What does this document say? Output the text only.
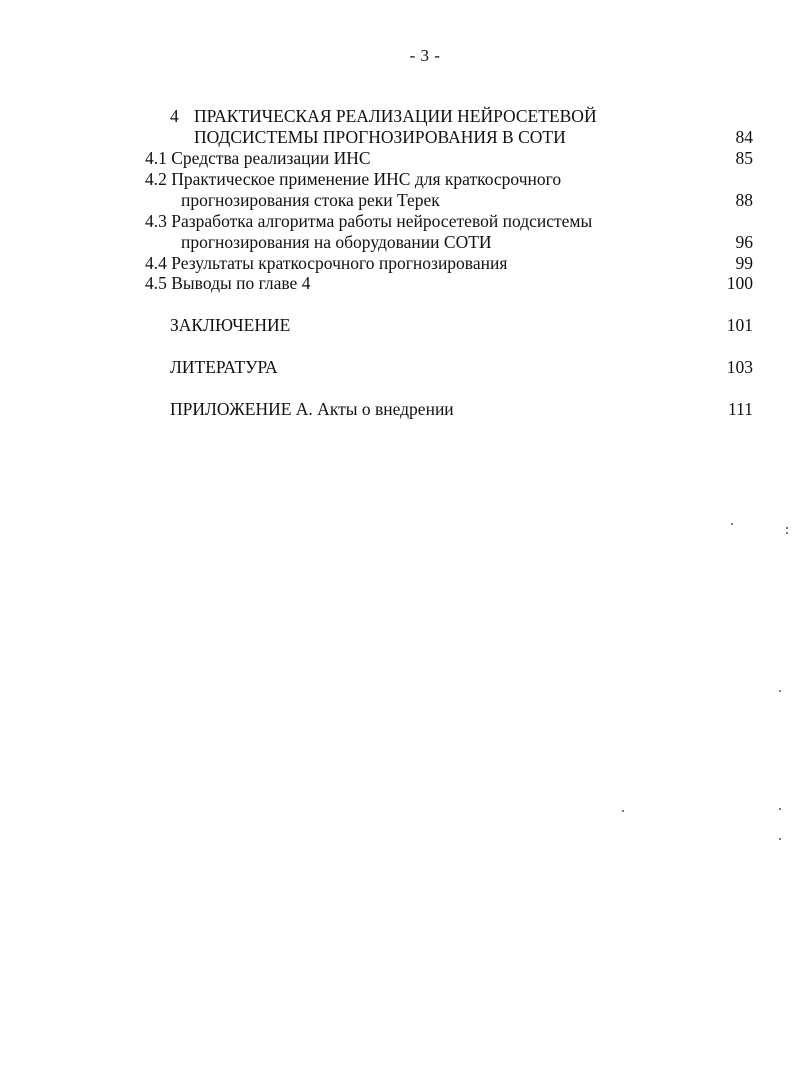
- 3 -
4 ПРАКТИЧЕСКАЯ РЕАЛИЗАЦИИ НЕЙРОСЕТЕВОЙ
ПОДСИСТЕМЫ ПРОГНОЗИРОВАНИЯ В СОТИ	84
4.1 Средства реализации ИНС	85
4.2 Практическое применение ИНС для краткосрочного
прогнозирования стока реки Терек	88
4.3 Разработка алгоритма работы нейросетевой подсистемы
прогнозирования на оборудовании СОТИ	96
4.4 Результаты краткосрочного прогнозирования	99
4.5 Выводы по главе 4	100
ЗАКЛЮЧЕНИЕ	101
ЛИТЕРАТУРА	103
ПРИЛОЖЕНИЕ А. Акты о внедрении	111
